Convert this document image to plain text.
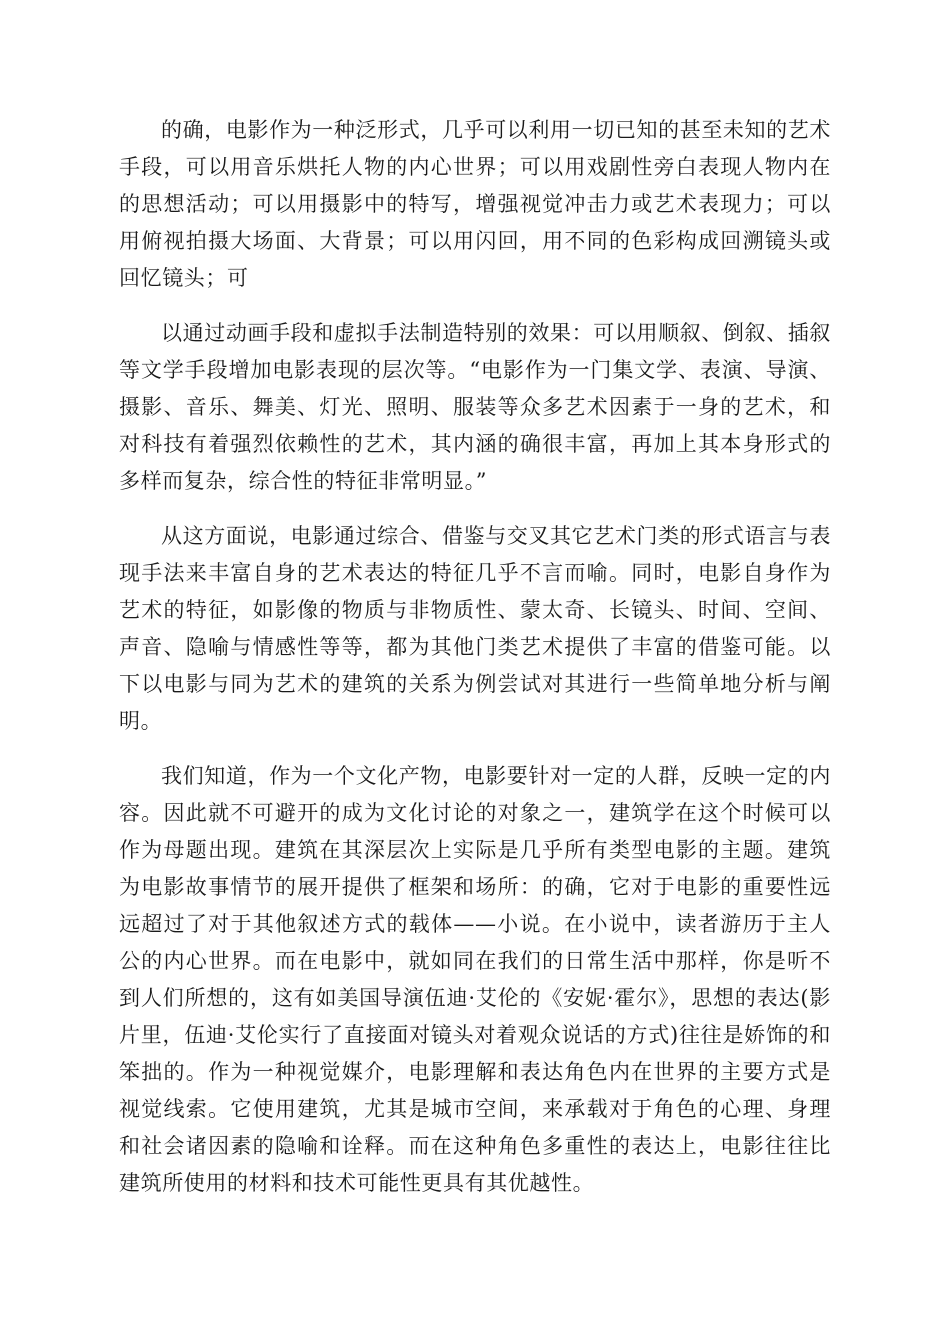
的确，电影作为一种泛形式，几乎可以利用一切已知的甚至未知的艺术手段，可以用音乐烘托人物的内心世界；可以用戏剧性旁白表现人物内在的思想活动；可以用摄影中的特写，增强视觉冲击力或艺术表现力；可以用俯视拍摄大场面、大背景；可以用闪回，用不同的色彩构成回溯镜头或回忆镜头；可

以通过动画手段和虚拟手法制造特别的效果：可以用顺叙、倒叙、插叙等文学手段增加电影表现的层次等。“电影作为一门集文学、表演、导演、摄影、音乐、舞美、灯光、照明、服装等众多艺术因素于一身的艺术，和对科技有着强烈依赖性的艺术，其内涵的确很丰富，再加上其本身形式的多样而复杂，综合性的特征非常明显。”

从这方面说，电影通过综合、借鉴与交叉其它艺术门类的形式语言与表现手法来丰富自身的艺术表达的特征几乎不言而喻。同时，电影自身作为艺术的特征，如影像的物质与非物质性、蒙太奇、长镜头、时间、空间、声音、隐喻与情感性等等，都为其他门类艺术提供了丰富的借鉴可能。以下以电影与同为艺术的建筑的关系为例尝试对其进行一些简单地分析与阐明。

我们知道，作为一个文化产物，电影要针对一定的人群，反映一定的内容。因此就不可避开的成为文化讨论的对象之一，建筑学在这个时候可以作为母题出现。建筑在其深层次上实际是几乎所有类型电影的主题。建筑为电影故事情节的展开提供了框架和场所：的确，它对于电影的重要性远远超过了对于其他叙述方式的载体——小说。在小说中，读者游历于主人公的内心世界。而在电影中，就如同在我们的日常生活中那样，你是听不到人们所想的，这有如美国导演伍迪·艾伦的《安妮·霍尔》，思想的表达(影片里，伍迪·艾伦实行了直接面对镜头对着观众说话的方式)往往是娇饰的和笨拙的。作为一种视觉媒介，电影理解和表达角色内在世界的主要方式是视觉线索。它使用建筑，尤其是城市空间，来承载对于角色的心理、身理和社会诸因素的隐喻和诠释。而在这种角色多重性的表达上，电影往往比建筑所使用的材料和技术可能性更具有其优越性。
